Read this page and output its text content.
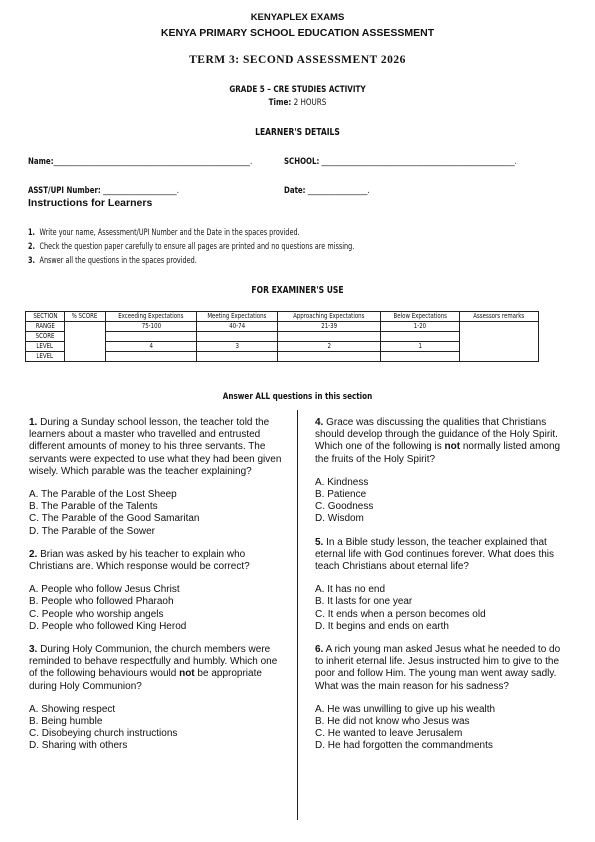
KENYAPLEX EXAMS
KENYA PRIMARY SCHOOL EDUCATION ASSESSMENT
TERM 3: SECOND ASSESSMENT 2026
GRADE 5 – CRE STUDIES ACTIVITY
Time: 2 HOURS
LEARNER'S DETAILS
Name:________________________________________________________.	SCHOOL: _______________________________________________________.
ASST/UPI Number: _____________________.	Date: _________________.
Instructions for Learners
1. Write your name, Assessment/UPI Number and the Date in the spaces provided.
2. Check the question paper carefully to ensure all pages are printed and no questions are missing.
3. Answer all the questions in the spaces provided.
FOR EXAMINER'S USE
SECTION	% SCORE	Exceeding Expectations	Meeting Expectations	Approaching Expectations	Below Expectations	Assessors remarks
RANGE		75-100	40-74	21-39	1-20	
SCORE						
LEVEL		4	3	2	1	
LEVEL						
Answer ALL questions in this section
1. During a Sunday school lesson, the teacher told the learners about a master who travelled and entrusted different amounts of money to his three servants. The servants were expected to use what they had been given wisely. Which parable was the teacher explaining?
A. The Parable of the Lost Sheep
B. The Parable of the Talents
C. The Parable of the Good Samaritan
D. The Parable of the Sower
2. Brian was asked by his teacher to explain who Christians are. Which response would be correct?
A. People who follow Jesus Christ
B. People who followed Pharaoh
C. People who worship angels
D. People who followed King Herod
3. During Holy Communion, the church members were reminded to behave respectfully and humbly. Which one of the following behaviours would not be appropriate during Holy Communion?
A. Showing respect
B. Being humble
C. Disobeying church instructions
D. Sharing with others
4. Grace was discussing the qualities that Christians should develop through the guidance of the Holy Spirit. Which one of the following is not normally listed among the fruits of the Holy Spirit?
A. Kindness
B. Patience
C. Goodness
D. Wisdom
5. In a Bible study lesson, the teacher explained that eternal life with God continues forever. What does this teach Christians about eternal life?
A. It has no end
B. It lasts for one year
C. It ends when a person becomes old
D. It begins and ends on earth
6. A rich young man asked Jesus what he needed to do to inherit eternal life. Jesus instructed him to give to the poor and follow Him. The young man went away sadly. What was the main reason for his sadness?
A. He was unwilling to give up his wealth
B. He did not know who Jesus was
C. He wanted to leave Jerusalem
D. He had forgotten the commandments
